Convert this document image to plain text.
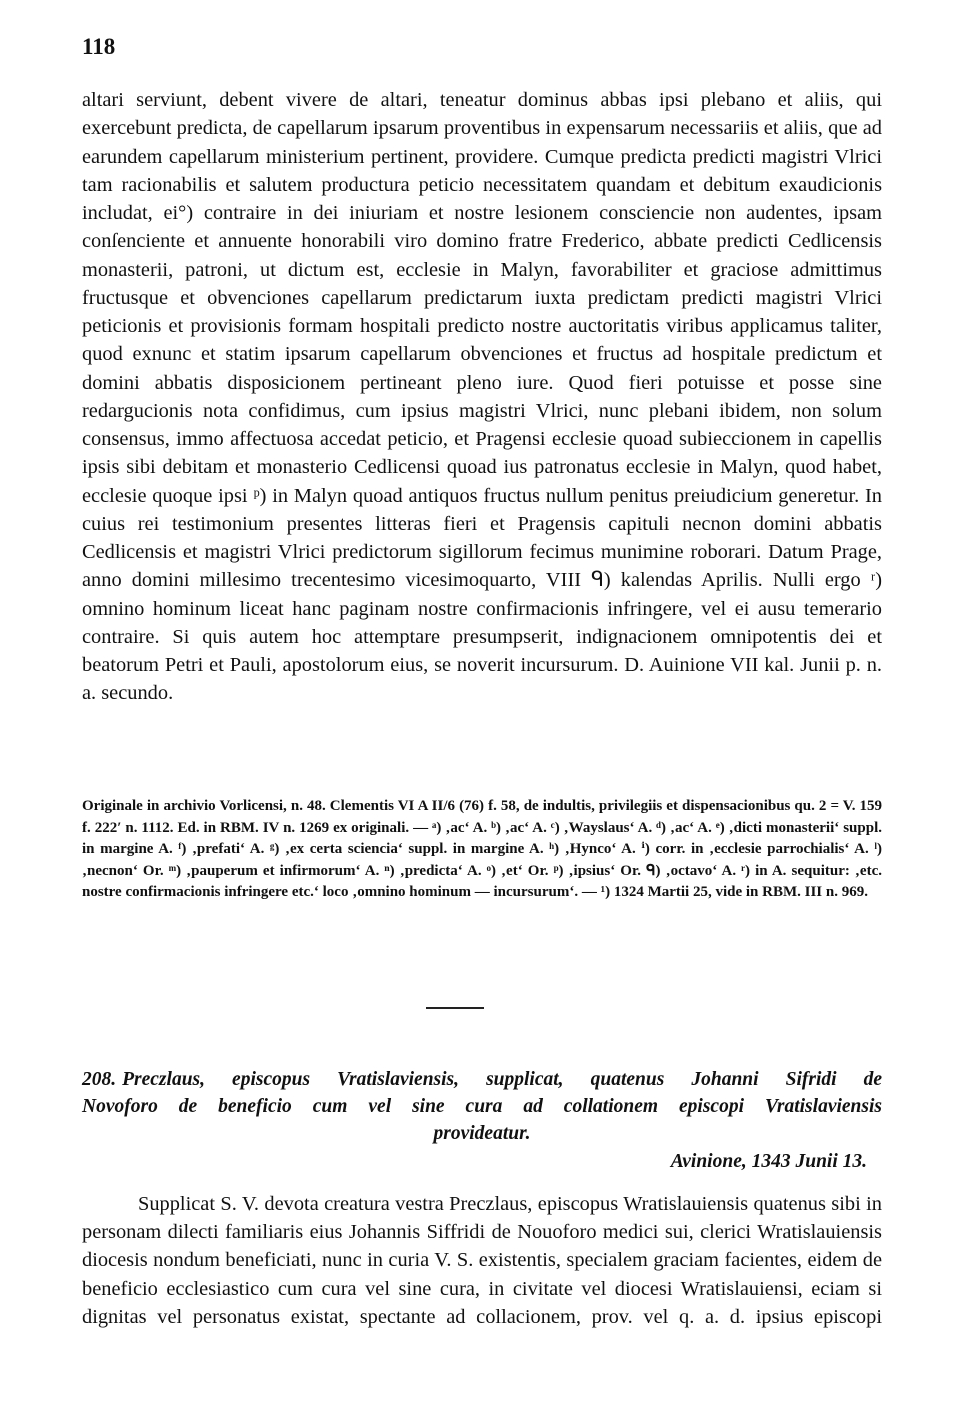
118

altari serviunt, debent vivere de altari, teneatur dominus abbas ipsi plebano et aliis, qui exercebunt predicta, de capellarum ipsarum proventibus in expensarum necessariis et aliis, que ad earundem capellarum ministerium pertinent, providere. Cumque predicta predicti magistri Vlrici tam racionabilis et salutem productura peticio necessitatem quandam et debitum exaudicionis includat, ei°) contraire in dei iniuriam et nostre lesionem consciencie non audentes, ipsam conſenciente et annuente honorabili viro domino fratre Frederico, abbate predicti Cedlicensis monasterii, patroni, ut dictum est, ecclesie in Malyn, favorabiliter et graciose admittimus fructusque et obvenciones capellarum predictarum iuxta predictam predicti magistri Vlrici peticionis et provisionis formam hospitali predicto nostre auctoritatis viribus applicamus taliter, quod exnunc et statim ipsarum capellarum obvenciones et fructus ad hospitale predictum et domini abbatis disposicionem pertineant pleno iure. Quod fieri potuisse et posse sine redargucionis nota confidimus, cum ipsius magistri Vlrici, nunc plebani ibidem, non solum consensus, immo affectuosa accedat peticio, et Pragensi ecclesie quoad subieccionem in capellis ipsis sibi debitam et monasterio Cedlicensi quoad ius patronatus ecclesie in Malyn, quod habet, ecclesie quoque ipsi ᵖ) in Malyn quoad antiquos fructus nullum penitus preiudicium generetur. In cuius rei testimonium presentes litteras fieri et Pragensis capituli necnon domini abbatis Cedlicensis et magistri Vlrici predictorum sigillorum fecimus munimine roborari. Datum Prage, anno domini millesimo trecentesimo vicesimoquarto, VIII ᑫ) kalendas Aprilis. Nulli ergo ʳ) omnino hominum liceat hanc paginam nostre confirmacionis infringere, vel ei ausu temerario contraire. Si quis autem hoc attemptare presumpserit, indignacionem omnipotentis dei et beatorum Petri et Pauli, apostolorum eius, se noverit incursurum. D. Auinione VII kal. Junii p. n. a. secundo.

Originale in archivio Vorlicensi, n. 48. Clementis VI A II/6 (76) f. 58, de indultis, privilegiis et dispensacionibus qu. 2 = V. 159 f. 222′ n. 1112. Ed. in RBM. IV n. 1269 ex originali. — ᵃ) ‚ac‘ A. ᵇ) ‚ac‘ A. ᶜ) ‚Wayslaus‘ A. ᵈ) ‚ac‘ A. ᵉ) ‚dicti monasterii‘ suppl. in margine A. ᶠ) ‚prefati‘ A. ᵍ) ‚ex certa sciencia‘ suppl. in margine A. ʰ) ‚Hynco‘ A. ⁱ) corr. in ‚ecclesie parrochialis‘ A. ˡ) ‚necnon‘ Or. ᵐ) ‚pauperum et infirmorum‘ A. ⁿ) ‚predicta‘ A. ᵒ) ‚et‘ Or. ᵖ) ‚ipsius‘ Or. ᑫ) ‚octavo‘ A. ʳ) in A. sequitur: ‚etc. nostre confirmacionis infringere etc.‘ loco ‚omnino hominum — incursurum‘. — ¹) 1324 Martii 25, vide in RBM. III n. 969.

208. Preczlaus, episcopus Vratislaviensis, supplicat, quatenus Johanni Sifridi de
Novoforo de beneficio cum vel sine cura ad collationem episcopi Vratislaviensis
provideatur.

Avinione, 1343 Junii 13.

Supplicat S. V. devota creatura vestra Preczlaus, episcopus Wratislauiensis quatenus sibi in personam dilecti familiaris eius Johannis Siffridi de Nouoforo medici sui, clerici Wratislauiensis diocesis nondum beneficiati, nunc in curia V. S. existentis, specialem graciam facientes, eidem de beneficio ecclesiastico cum cura vel sine cura, in civitate vel diocesi Wratislauiensi, eciam si dignitas vel personatus existat, spectante ad collacionem, prov. vel q. a. d. ipsius episcopi
